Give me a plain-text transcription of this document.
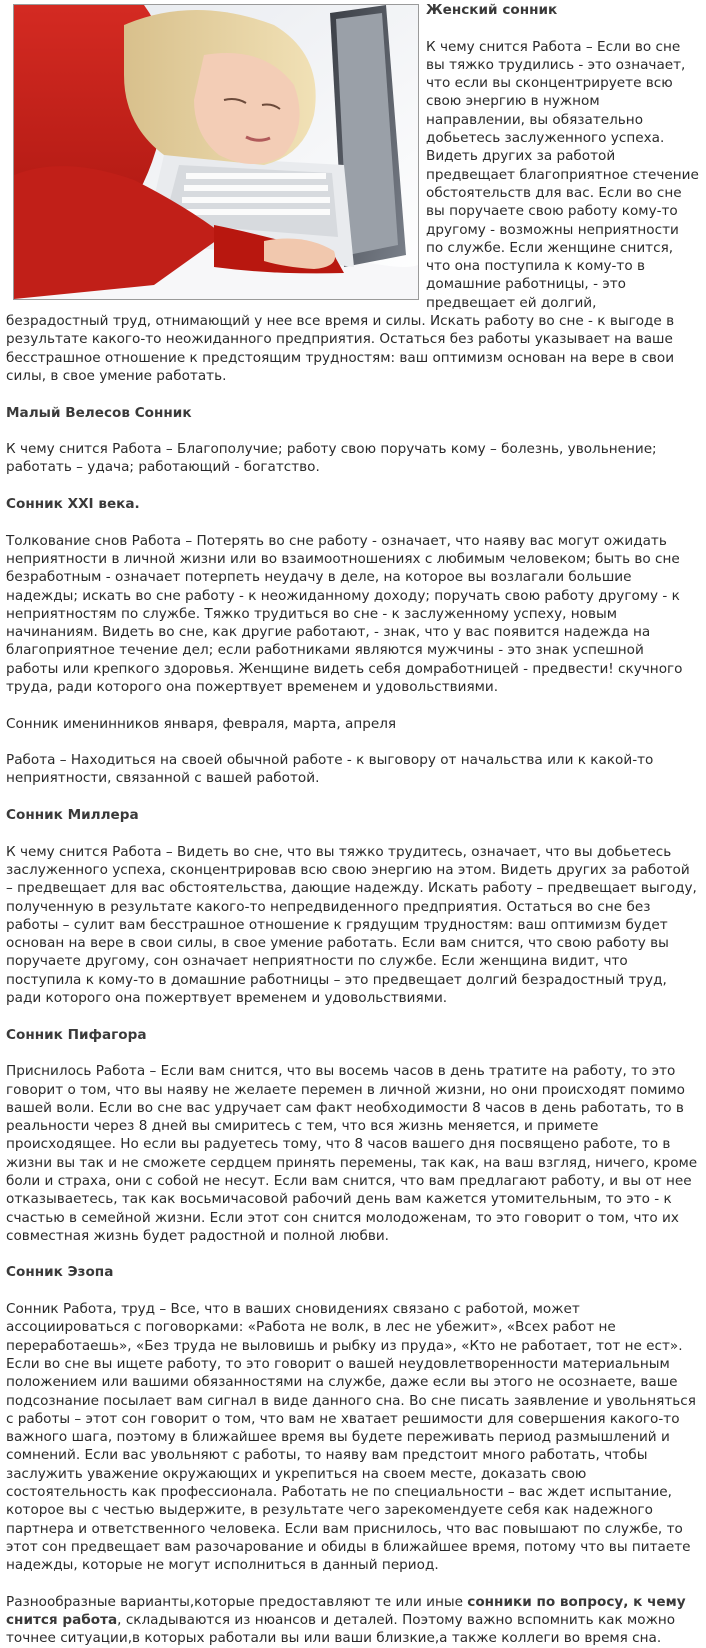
Женский сонник

К чему снится Работа – Если во сне вы тяжко трудились - это означает, что если вы сконцентрируете всю свою энергию в нужном направлении, вы обязательно добьетесь заслуженного успеха. Видеть других за работой предвещает благоприятное стечение обстоятельств для вас. Если во сне вы поручаете свою работу кому-то другому - возможны неприятности по службе. Если женщине снится, что она поступила к кому-то в домашние работницы, - это предвещает ей долгий, безрадостный труд, отнимающий у нее все время и силы. Искать работу во сне - к выгоде в результате какого-то неожиданного предприятия. Остаться без работы указывает на ваше бесстрашное отношение к предстоящим трудностям: ваш оптимизм основан на вере в свои силы, в свое умение работать.

Малый Велесов Сонник

К чему снится Работа – Благополучие; работу свою поручать кому – болезнь, увольнение; работать – удача; работающий - богатство.

Сонник XXI века.

Толкование снов Работа – Потерять во сне работу - означает, что наяву вас могут ожидать неприятности в личной жизни или во взаимоотношениях с любимым человеком; быть во сне безработным - означает потерпеть неудачу в деле, на которое вы возлагали большие надежды; искать во сне работу - к неожиданному доходу; поручать свою работу другому - к неприятностям по службе. Тяжко трудиться во сне - к заслуженному успеху, новым начинаниям. Видеть во сне, как другие работают, - знак, что у вас появится надежда на благоприятное течение дел; если работниками являются мужчины - это знак успешной работы или крепкого здоровья. Женщине видеть себя домработницей - предвести! скучного труда, ради которого она пожертвует временем и удовольствиями.

Сонник именинников января, февраля, марта, апреля

Работа – Находиться на своей обычной работе - к выговору от начальства или к какой-то неприятности, связанной с вашей работой.

Сонник Миллера

К чему снится Работа – Видеть во сне, что вы тяжко трудитесь, означает, что вы добьетесь заслуженного успеха, сконцентрировав всю свою энергию на этом. Видеть других за работой – предвещает для вас обстоятельства, дающие надежду. Искать работу – предвещает выгоду, полученную в результате какого-то непредвиденного предприятия. Остаться во сне без работы – сулит вам бесстрашное отношение к грядущим трудностям: ваш оптимизм будет основан на вере в свои силы, в свое умение работать. Если вам снится, что свою работу вы поручаете другому, сон означает неприятности по службе. Если женщина видит, что поступила к кому-то в домашние работницы – это предвещает долгий безрадостный труд, ради которого она пожертвует временем и удовольствиями.

Сонник Пифагора

Приснилось Работа – Если вам снится, что вы восемь часов в день тратите на работу, то это говорит о том, что вы наяву не желаете перемен в личной жизни, но они происходят помимо вашей воли. Если во сне вас удручает сам факт необходимости 8 часов в день работать, то в реальности через 8 дней вы смиритесь с тем, что вся жизнь меняется, и примете происходящее. Но если вы радуетесь тому, что 8 часов вашего дня посвящено работе, то в жизни вы так и не сможете сердцем принять перемены, так как, на ваш взгляд, ничего, кроме боли и страха, они с собой не несут. Если вам снится, что вам предлагают работу, и вы от нее отказываетесь, так как восьмичасовой рабочий день вам кажется утомительным, то это - к счастью в семейной жизни. Если этот сон снится молодоженам, то это говорит о том, что их совместная жизнь будет радостной и полной любви.

Сонник Эзопа

Сонник Работа, труд – Все, что в ваших сновидениях связано с работой, может ассоциироваться с поговорками: «Работа не волк, в лес не убежит», «Всех работ не переработаешь», «Без труда не выловишь и рыбку из пруда», «Кто не работает, тот не ест». Если во сне вы ищете работу, то это говорит о вашей неудовлетворенности материальным положением или вашими обязанностями на службе, даже если вы этого не осознаете, ваше подсознание посылает вам сигнал в виде данного сна. Во сне писать заявление и увольняться с работы – этот сон говорит о том, что вам не хватает решимости для совершения какого-то важного шага, поэтому в ближайшее время вы будете переживать период размышлений и сомнений. Если вас увольняют с работы, то наяву вам предстоит много работать, чтобы заслужить уважение окружающих и укрепиться на своем месте, доказать свою состоятельность как профессионала. Работать не по специальности – вас ждет испытание, которое вы с честью выдержите, в результате чего зарекомендуете себя как надежного партнера и ответственного человека. Если вам приснилось, что вас повышают по службе, то этот сон предвещает вам разочарование и обиды в ближайшее время, потому что вы питаете надежды, которые не могут исполниться в данный период.

Разнообразные варианты,которые предоставляют те или иные сонники по вопросу, к чему снится работа, складываются из нюансов и деталей. Поэтому важно вспомнить как можно точнее ситуации,в которых работали вы или ваши близкие,а также коллеги во время сна.
